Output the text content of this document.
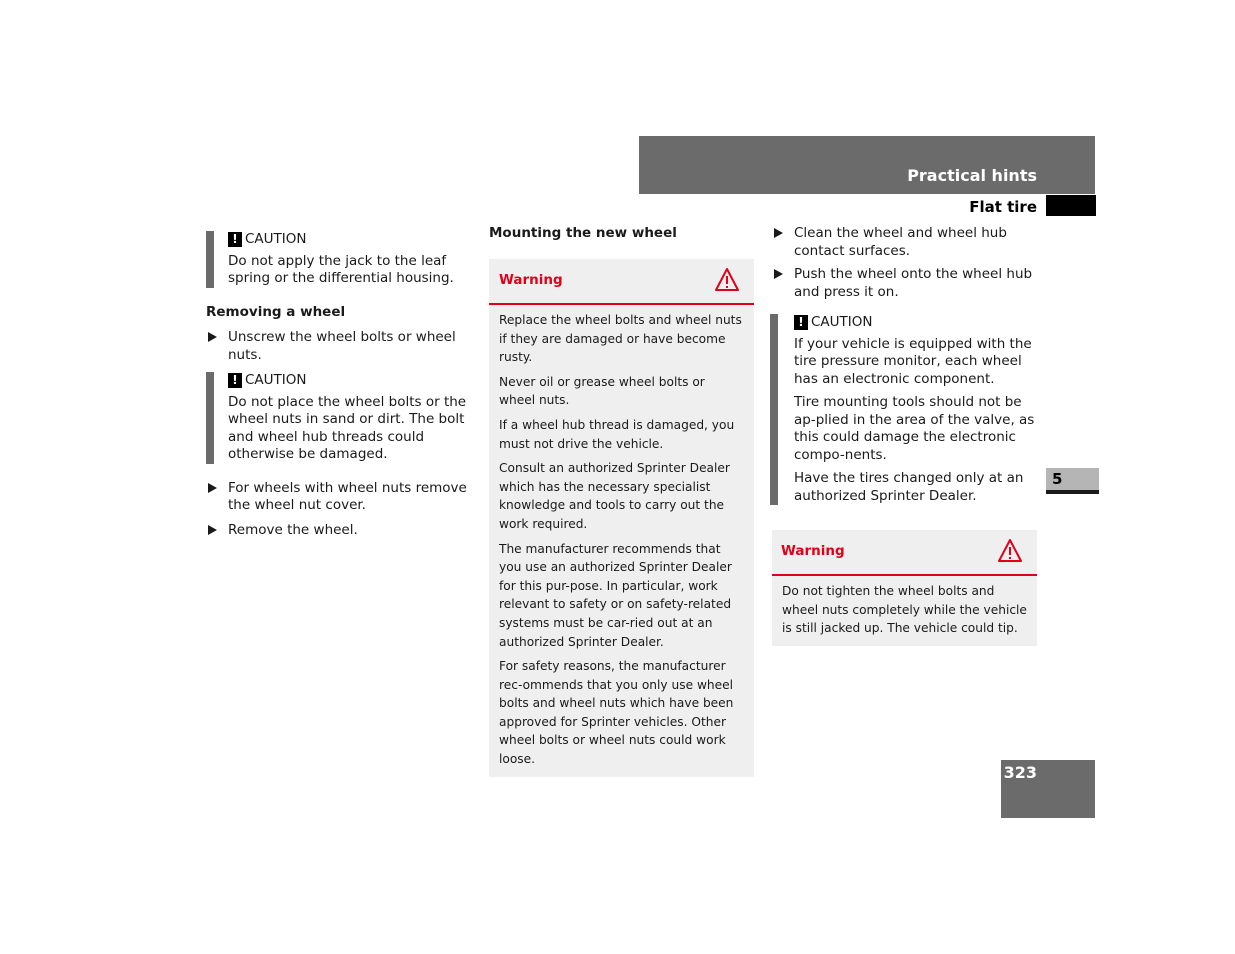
Practical hints
Flat tire
5
323
! CAUTION

Do not apply the jack to the leaf spring or the differential housing.

Removing a wheel

Unscrew the wheel bolts or wheel nuts.

! CAUTION

Do not place the wheel bolts or the wheel nuts in sand or dirt. The bolt and wheel hub threads could otherwise be damaged.

For wheels with wheel nuts remove the wheel nut cover.

Remove the wheel.

Mounting the new wheel

Warning

Replace the wheel bolts and wheel nuts if they are damaged or have become rusty.

Never oil or grease wheel bolts or wheel nuts.

If a wheel hub thread is damaged, you must not drive the vehicle.

Consult an authorized Sprinter Dealer which has the necessary specialist knowledge and tools to carry out the work required.

The manufacturer recommends that you use an authorized Sprinter Dealer for this pur-pose. In particular, work relevant to safety or on safety-related systems must be car-ried out at an authorized Sprinter Dealer.

For safety reasons, the manufacturer rec-ommends that you only use wheel bolts and wheel nuts which have been approved for Sprinter vehicles. Other wheel bolts or wheel nuts could work loose.

Clean the wheel and wheel hub contact surfaces.

Push the wheel onto the wheel hub and press it on.

! CAUTION

If your vehicle is equipped with the tire pressure monitor, each wheel has an electronic component.

Tire mounting tools should not be ap-plied in the area of the valve, as this could damage the electronic compo-nents.

Have the tires changed only at an authorized Sprinter Dealer.

Warning

Do not tighten the wheel bolts and wheel nuts completely while the vehicle is still jacked up. The vehicle could tip.
